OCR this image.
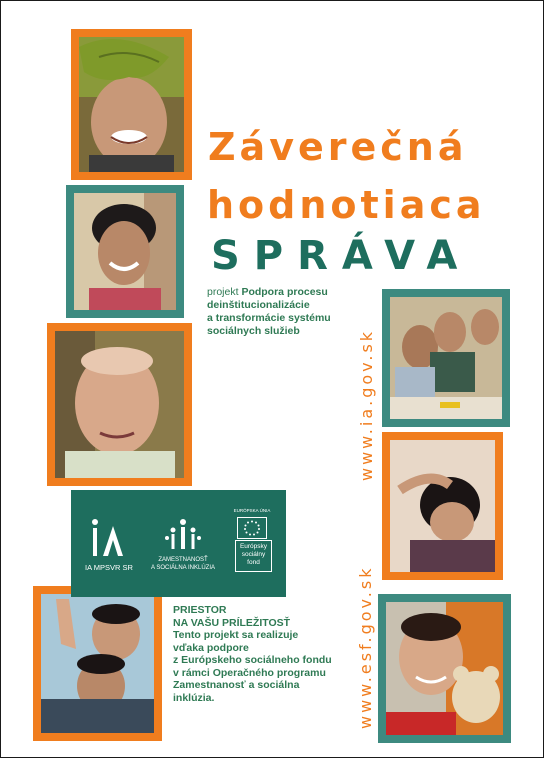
Záverečná
hodnotiaca
SPRÁVA
projekt Podpora procesu
deinštitucionalizácie
a transformácie systému
sociálnych služieb
IA MPSVR SR
ZAMESTNANOSŤ
A SOCIÁLNA INKLÚZIA
EURÓPSKA ÚNIA
Európsky
sociálny
fond
PRIESTOR
NA VAŠU PRÍLEŽITOSŤ
Tento projekt sa realizuje
vďaka podpore
z Európskeho sociálneho fondu
v rámci Operačného programu
Zamestnanosť a sociálna
inklúzia.
www.ia.gov.sk
www.esf.gov.sk
